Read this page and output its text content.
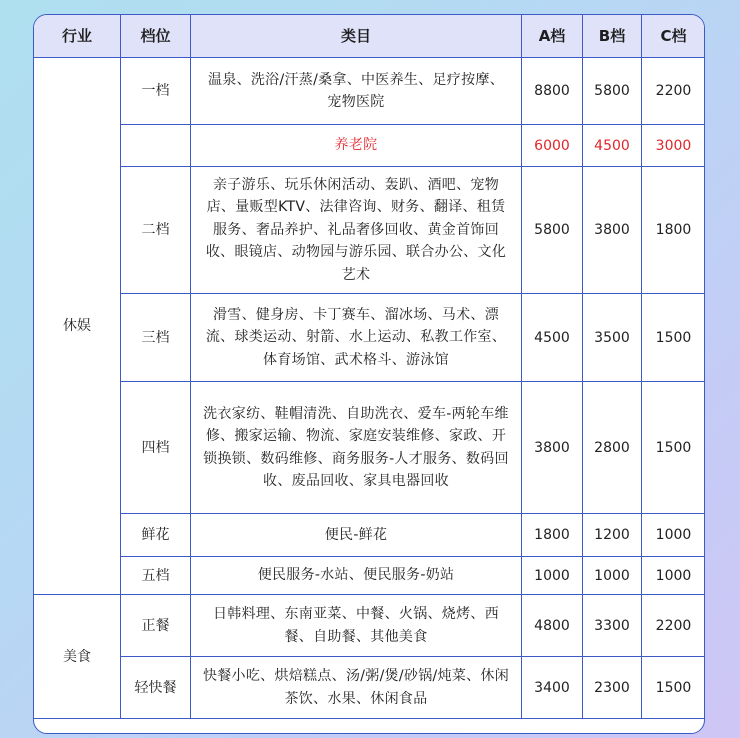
行业	档位	类目	A档	B档	C档
休娱	一档	温泉、洗浴/汗蒸/桑拿、中医养生、足疗按摩、宠物医院	8800	5800	2200
		养老院	6000	4500	3000
	二档	亲子游乐、玩乐休闲活动、轰趴、酒吧、宠物店、量贩型KTV、法律咨询、财务、翻译、租赁服务、奢品养护、礼品奢侈回收、黄金首饰回收、眼镜店、动物园与游乐园、联合办公、文化艺术	5800	3800	1800
	三档	滑雪、健身房、卡丁赛车、溜冰场、马术、漂流、球类运动、射箭、水上运动、私教工作室、体育场馆、武术格斗、游泳馆	4500	3500	1500
	四档	洗衣家纺、鞋帽清洗、自助洗衣、爱车-两轮车维修、搬家运输、物流、家庭安装维修、家政、开锁换锁、数码维修、商务服务-人才服务、数码回收、废品回收、家具电器回收	3800	2800	1500
	鲜花	便民-鲜花	1800	1200	1000
	五档	便民服务-水站、便民服务-奶站	1000	1000	1000
美食	正餐	日韩料理、东南亚菜、中餐、火锅、烧烤、西餐、自助餐、其他美食	4800	3300	2200
	轻快餐	快餐小吃、烘焙糕点、汤/粥/煲/砂锅/炖菜、休闲茶饮、水果、休闲食品	3400	2300	1500
